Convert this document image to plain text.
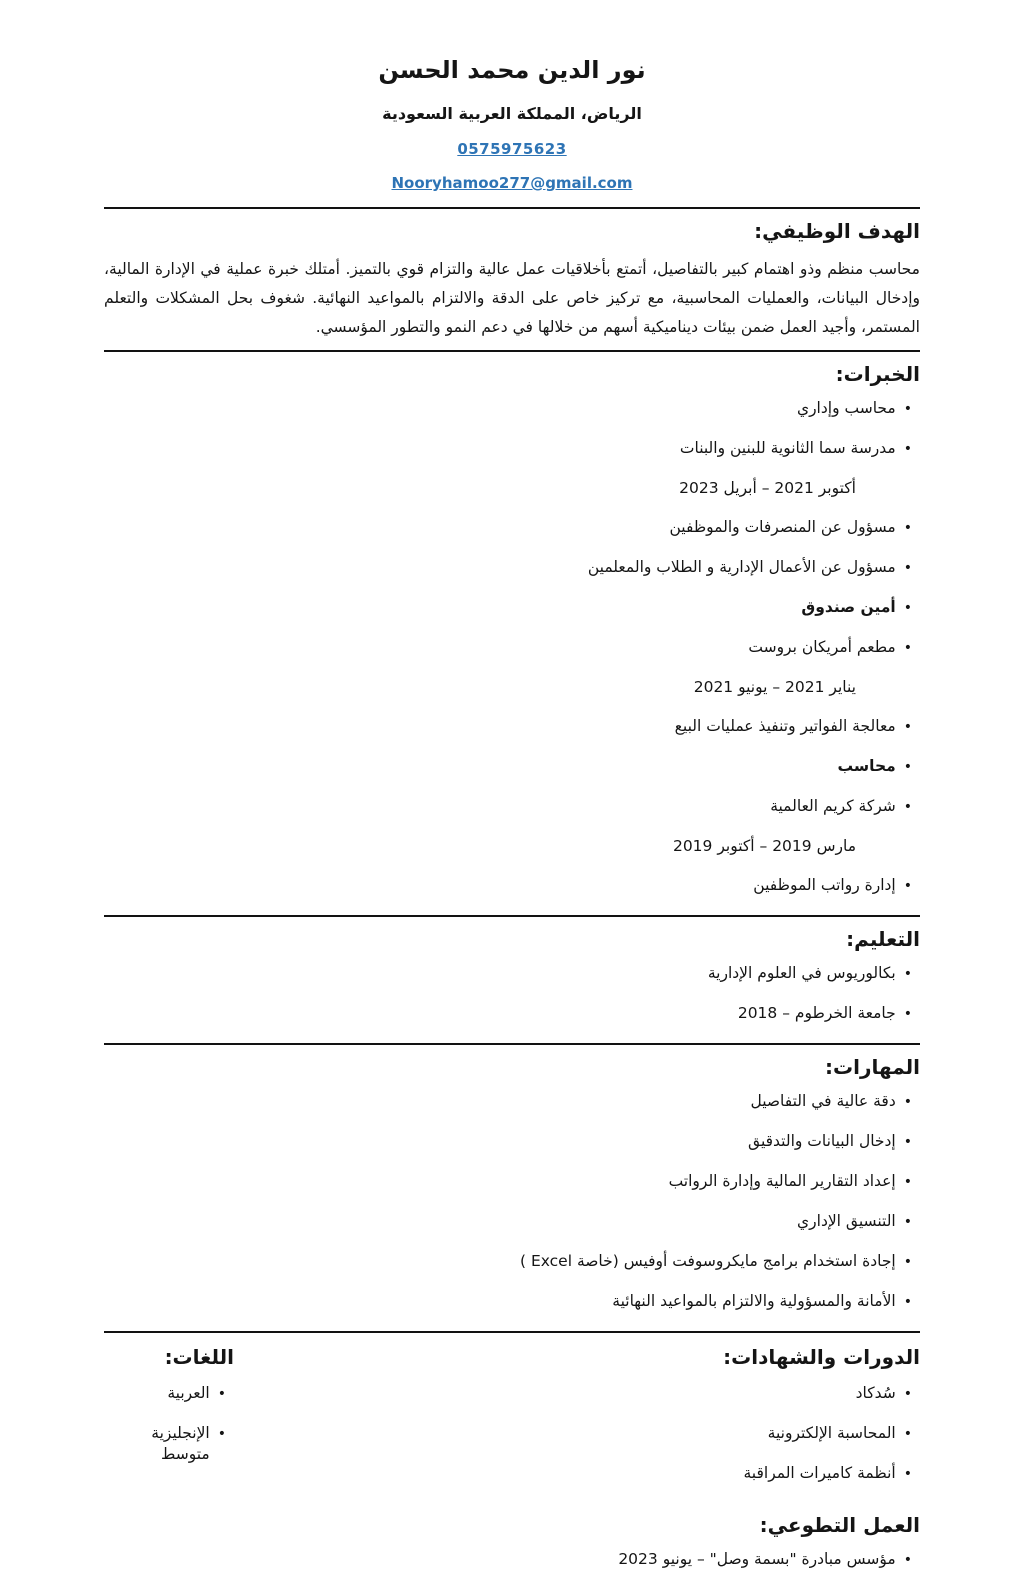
نور الدين محمد الحسن
الرياض، المملكة العربية السعودية
0575975623
Nooryhamoo277@gmail.com
الهدف الوظيفي:

محاسب منظم وذو اهتمام كبير بالتفاصيل، أتمتع بأخلاقيات عمل عالية والتزام قوي بالتميز. أمتلك خبرة عملية في الإدارة المالية، وإدخال البيانات، والعمليات المحاسبية، مع تركيز خاص على الدقة والالتزام بالمواعيد النهائية. شغوف بحل المشكلات والتعلم المستمر، وأجيد العمل ضمن بيئات ديناميكية أسهم من خلالها في دعم النمو والتطور المؤسسي.

الخبرات:
•
محاسب وإداري
•
مدرسة سما الثانوية للبنين والبنات
أكتوبر 2021 – أبريل 2023
•
مسؤول عن المنصرفات والموظفين
•
مسؤول عن الأعمال الإدارية و الطلاب والمعلمين
•
أمين صندوق
•
مطعم أمريكان بروست
يناير 2021 – يونيو 2021
•
معالجة الفواتير وتنفيذ عمليات البيع
•
محاسب
•
شركة كريم العالمية
مارس 2019 – أكتوبر 2019
•
إدارة رواتب الموظفين
التعليم:
•
بكالوريوس في العلوم الإدارية
•
جامعة الخرطوم – 2018
المهارات:
•
دقة عالية في التفاصيل
•
إدخال البيانات والتدقيق
•
إعداد التقارير المالية وإدارة الرواتب
•
التنسيق الإداري
•
إجادة استخدام برامج مايكروسوفت أوفيس (خاصة Excel )
•
الأمانة والمسؤولية والالتزام بالمواعيد النهائية
الدورات والشهادات:
•
سُدكاد
•
المحاسبة الإلكترونية
•
أنظمة كاميرات المراقبة
اللغات:
•
العربية
•
الإنجليزية متوسط
العمل التطوعي:
•
مؤسس مبادرة "بسمة وصل" – يونيو 2023
